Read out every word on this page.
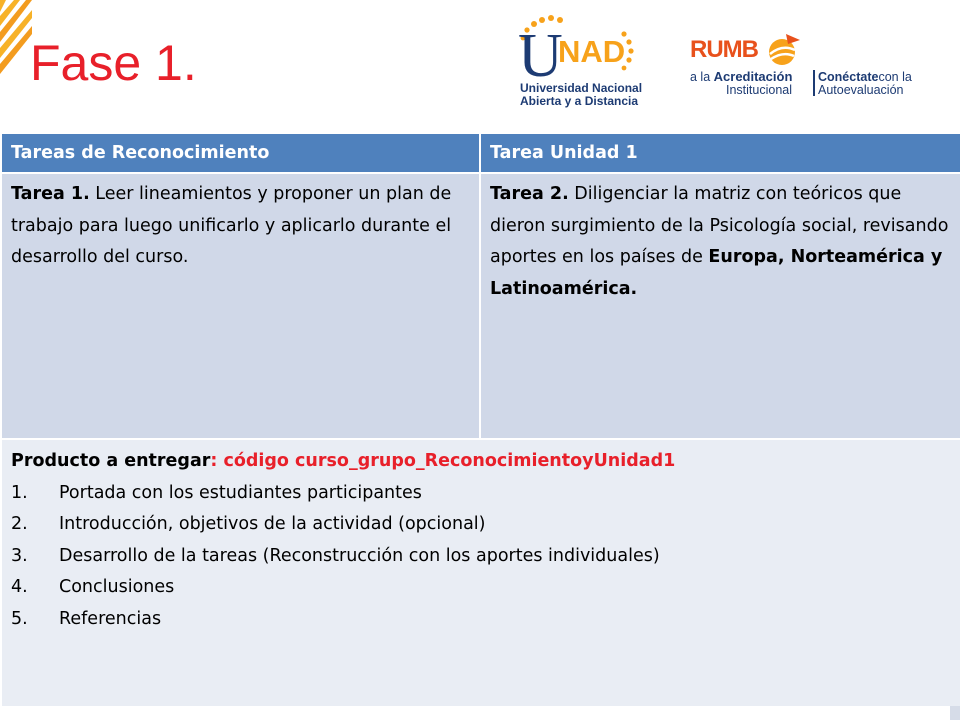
Fase 1.	U
NAD
Universidad Nacional
Abierta y a Distancia
RUMB
a la Acreditación
Institucional
Conéctatecon la
Autoevaluación
Tareas de Reconocimiento	Tarea Unidad 1
Tarea 1. Leer lineamientos y proponer un plan de trabajo para luego unificarlo y aplicarlo durante el desarrollo del curso.
Tarea 2. Diligenciar la matriz con teóricos que dieron surgimiento de la Psicología social, revisando aportes en los países de Europa, Norteamérica y Latinoamérica.
Producto a entregar: código curso_grupo_ReconocimientoyUnidad1
1. Portada con los estudiantes participantes
2. Introducción, objetivos de la actividad (opcional)
3. Desarrollo de la tareas (Reconstrucción con los aportes individuales)
4. Conclusiones
5. Referencias
